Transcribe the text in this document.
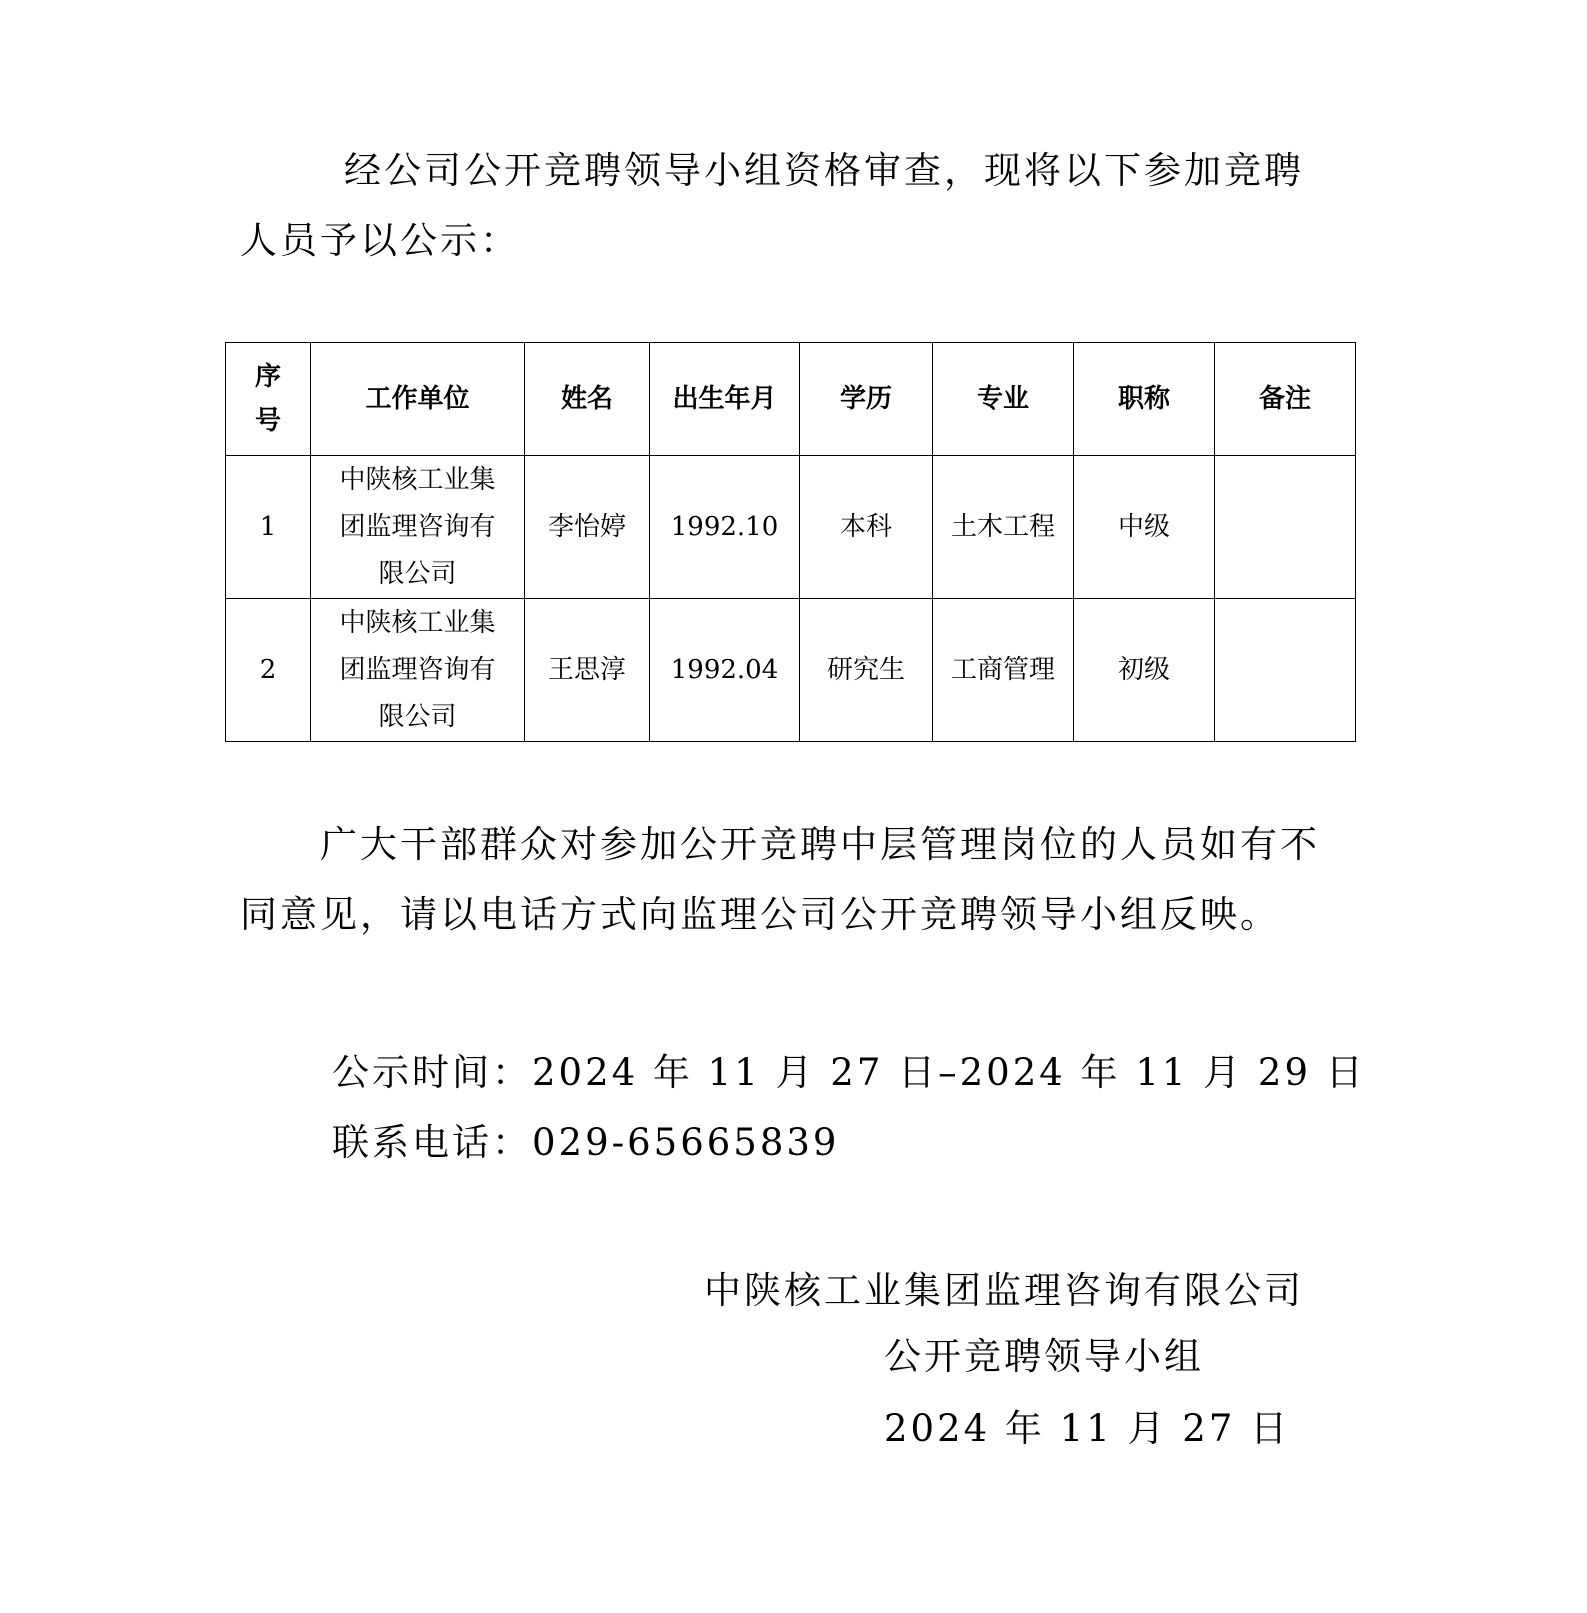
经公司公开竞聘领导小组资格审查，现将以下参加竞聘人员予以公示：

序号	工作单位	姓名	出生年月	学历	专业	职称	备注
1	中陕核工业集团监理咨询有限公司	李怡婷	1992.10	本科	土木工程	中级	
2	中陕核工业集团监理咨询有限公司	王思淳	1992.04	研究生	工商管理	初级	

广大干部群众对参加公开竞聘中层管理岗位的人员如有不同意见，请以电话方式向监理公司公开竞聘领导小组反映。

公示时间：2024 年 11 月 27 日–2024 年 11 月 29 日
联系电话：029-65665839
中陕核工业集团监理咨询有限公司
公开竞聘领导小组
2024 年 11 月 27 日
